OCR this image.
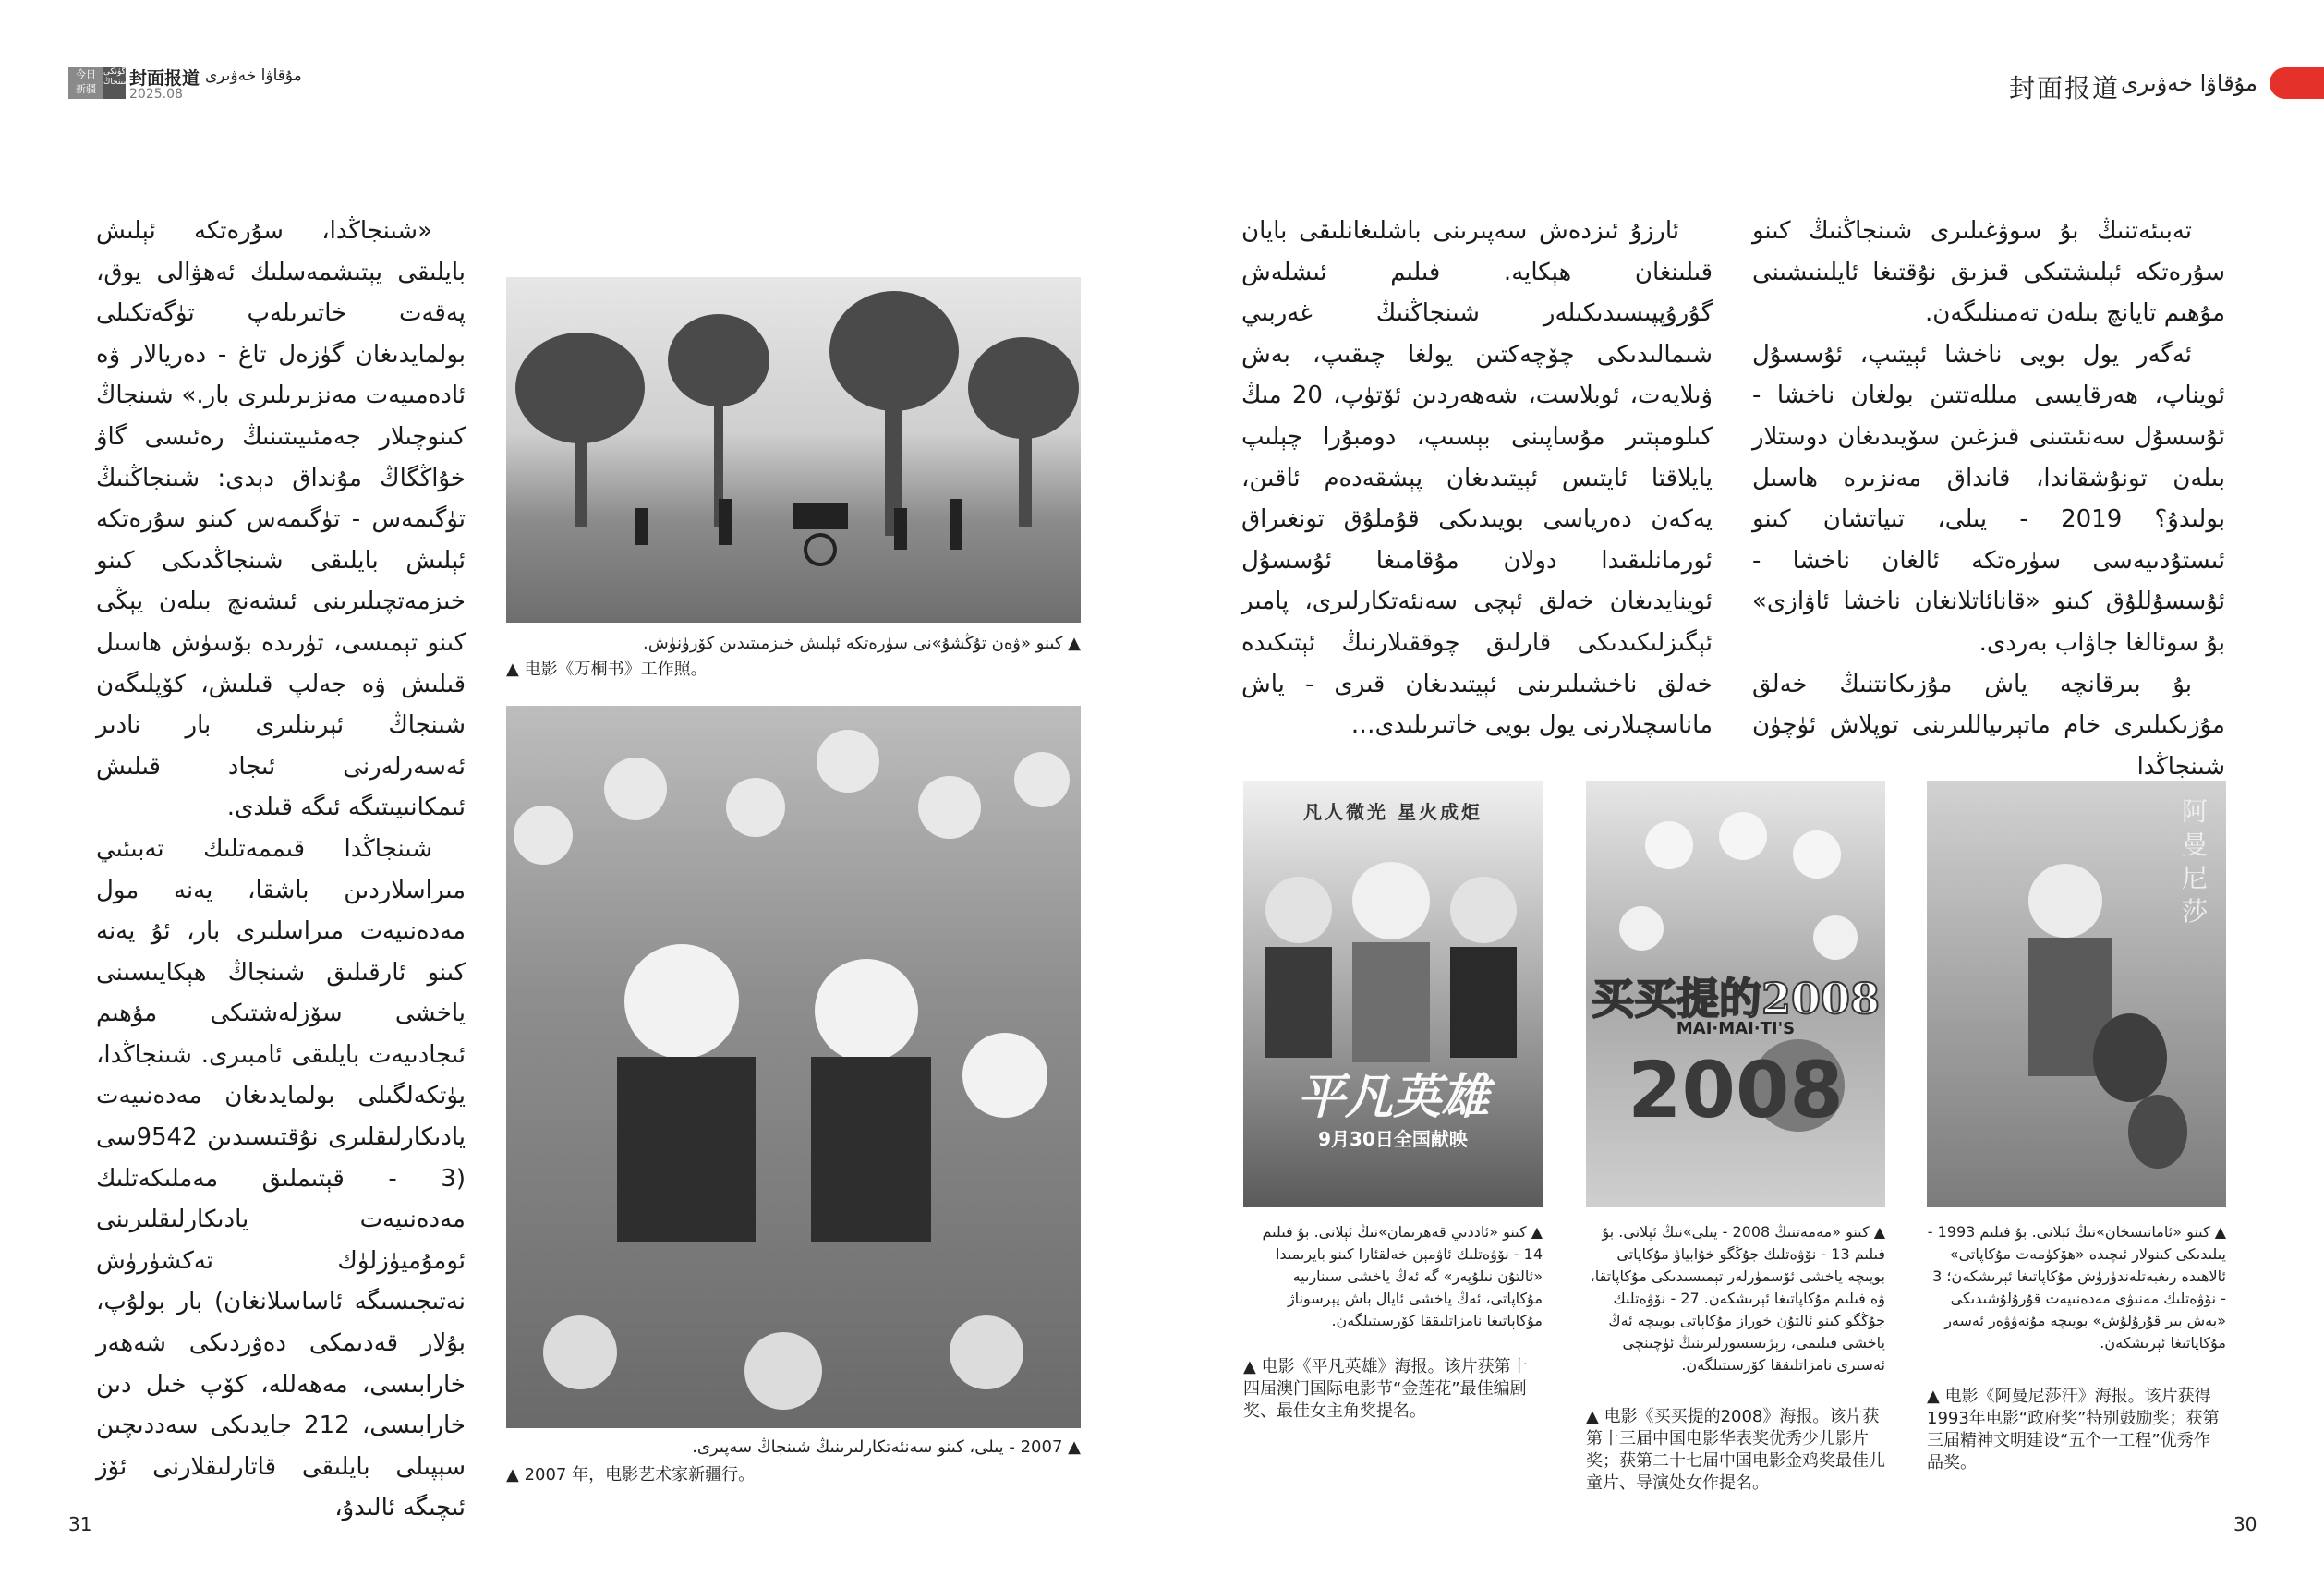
今日
新疆
بۈگۈنكى شىنجاڭ 封面报道 مۇقاۋا خەۋىرى
2025.08	封面报道 مۇقاۋا خەۋىرى

«شىنجاڭدا، سۇرەتكە ئېلىش بايلىقى يېتىشمەسلىك ئەھۋالى يوق، پەقەت خاتىرىلەپ تۈگەتكىلى بولمايدىغان گۈزەل تاغ - دەريالار ۋە ئادەمىيەت مەنزىرىلىرى بار.» شىنجاڭ كىنوچىلار جەمئىيىتىنىڭ رەئىسى گاۋ خۇاڭگاڭ مۇنداق دېدى: شىنجاڭنىڭ تۈگىمەس - تۈگىمەس كىنو سۇرەتكە ئېلىش بايلىقى شىنجاڭدىكى كىنو خىزمەتچىلىرىنى ئىشەنچ بىلەن يېڭى كىنو تېمىسى، تۈرىدە بۆسۈش ھاسىل قىلىش ۋە جەلپ قىلىش، كۆپلىگەن شىنجاڭ ئېرىنلىرى بار نادىر ئەسەرلەرنى ئىجاد قىلىش ئىمكانىيىتىگە ئىگە قىلدى.

شىنجاڭدا قىممەتلىك تەبىئىي مىراسلاردىن باشقا، يەنە مول مەدەنىيەت مىراسلىرى بار، ئۇ يەنە كىنو ئارقىلىق شىنجاڭ ھېكايىسىنى ياخشى سۆزلەشتىكى مۇھىم ئىجادىيەت بايلىقى ئامبىرى. شىنجاڭدا، يۈتكەلگىلى بولمايدىغان مەدەنىيەت يادىكارلىقلىرى نۇقتىسىدىن 9542سى (3 - قېتىملىق مەملىكەتلىك مەدەنىيەت يادىكارلىقلىرىنى ئومۇميۈزلۈك تەكشۈرۈش نەتىجىسىگە ئاساسلانغان) بار بولۇپ، بۇلار قەدىمكى دەۋردىكى شەھەر خارابىسى، مەھەللە، كۆپ خىل دىن خارابىسى، 212 جايدىكى سەددىچىن سېپىلى بايلىقى قاتارلىقلارنى ئۆز ئىچىگە ئالىدۇ،

▲ كىنو «ۋەن تۇڭشۇ»نى سۈرەتكە ئېلىش خىزمىتىدىن كۆرۈنۈش.
▲ 电影《万桐书》工作照。
▲ 2007 - يىلى، كىنو سەنئەتكارلىرىنىڭ شىنجاڭ سەپىرى.
▲ 2007 年，电影艺术家新疆行。
31

ئارزۇ ئىزدەش سەپىرىنى باشلىغانلىقى بايان قىلىنغان ھېكايە. فىلىم ئىشلەش گۇرۇپپىسىدىكىلەر شىنجاڭنىڭ غەربىي شىمالىدىكى چۆچەكتىن يولغا چىقىپ، بەش ۋىلايەت، ئوبلاست، شەھەردىن ئۆتۈپ، 20 مىڭ كىلومېتىر مۇساپىنى بېسىپ، دومبۇرا چېلىپ يايلاقتا ئايتىس ئېيتىدىغان پېشقەدەم ئاقىن، يەكەن دەرياسى بويىدىكى قۇملۇق تونغىراق ئورمانلىقىدا دولان مۇقامىغا ئۇسسۇل ئوينايدىغان خەلق ئېچى سەنئەتكارلىرى، پامىر ئېگىزلىكىدىكى قارلىق چوققىلارنىڭ ئېتىكىدە خەلق ناخشىلىرىنى ئېيتىدىغان قىرى - ياش ماناسچىلارنى يول بويى خاتىرىلىدى…

تەبىئەتنىڭ بۇ سوۋغىلىرى شىنجاڭنىڭ كىنو سۇرەتكە ئېلىشتىكى قىزىق نۇقتىغا ئايلىنىشىنى مۇھىم تايانچ بىلەن تەمىنلىگەن.

ئەگەر يول بويى ناخشا ئېيتىپ، ئۇسسۇل ئويناپ، ھەرقايسى مىللەتتىن بولغان ناخشا - ئۇسسۇل سەنئىتىنى قىزغىن سۆيىدىغان دوستلار بىلەن تونۇشقاندا، قانداق مەنزىرە ھاسىل بولىدۇ؟ 2019 - يىلى، تىياتشان كىنو ئىستۇدىيەسى سۈرەتكە ئالغان ناخشا - ئۇسسۇللۇق كىنو «قانائاتلانغان ناخشا ئاۋازى» بۇ سوئالغا جاۋاب بەردى.

بۇ بىرقانچە ياش مۇزىكانتنىڭ خەلق مۇزىكىلىرى خام ماتېرىياللىرىنى توپلاش ئۈچۈن شىنجاڭدا

凡人微光 星火成炬
平凡英雄
9月30日全国献映
▲ كىنو «ئاددىي قەھرىمان»نىڭ ئېلانى. بۇ فىلىم 14 - نۆۋەتلىك ئاۋمېن خەلقئارا كىنو بايرىمىدا «ئالتۇن نىلۇپەر» گە ئەڭ ياخشى سىنارىيە مۇكاپاتى، ئەڭ ياخشى ئايال باش پېرسوناژ مۇكاپاتىغا نامزاتلىققا كۆرسىتىلگەن.
▲ 电影《平凡英雄》海报。该片获第十四届澳门国际电影节“金莲花”最佳编剧奖、最佳女主角奖提名。
买买提的2008
MAI·MAI·TI'S
2008
▲ كىنو «مەمەتنىڭ 2008 - يىلى»نىڭ ئېلانى. بۇ فىلىم 13 - نۆۋەتلىك جۇڭگو خۇابياۋ مۇكاپاتى بويىچە ياخشى ئۆسمۈرلەر تېمىسىدىكى مۇكاپاتقا، ۋە فىلىم مۇكاپاتىغا ئېرىشكەن. 27 - نۆۋەتلىك جۇڭگو كىنو ئالتۇن خوراز مۇكاپاتى بويىچە ئەڭ ياخشى فىلىمى، رېژىسسورلىرىنىڭ ئۈچىنچى ئەسىرى نامزاتلىققا كۆرسىتىلگەن.
▲ 电影《买买提的2008》海报。该片获第十三届中国电影华表奖优秀少儿影片奖；获第二十七届中国电影金鸡奖最佳儿童片、导演处女作提名。
阿曼尼莎
▲ كىنو «ئامانىسخان»نىڭ ئېلانى. بۇ فىلىم 1993 - يىلىدىكى كىنولار ئىچىدە «ھۆكۈمەت مۇكاپاتى» ئالاھىدە رىغبەتلەندۈرۈش مۇكاپاتىغا ئېرىشكەن؛ 3 - نۆۋەتلىك مەنىۋى مەدەنىيەت قۇرۇلۇشىدىكى «بەش بىر قۇرۇلۇش» بويىچە مۇنەۋۋەر ئەسەر مۇكاپاتىغا ئېرىشكەن.
▲ 电影《阿曼尼莎汗》海报。该片获得1993年电影“政府奖”特别鼓励奖；获第三届精神文明建设“五个一工程”优秀作品奖。
30
